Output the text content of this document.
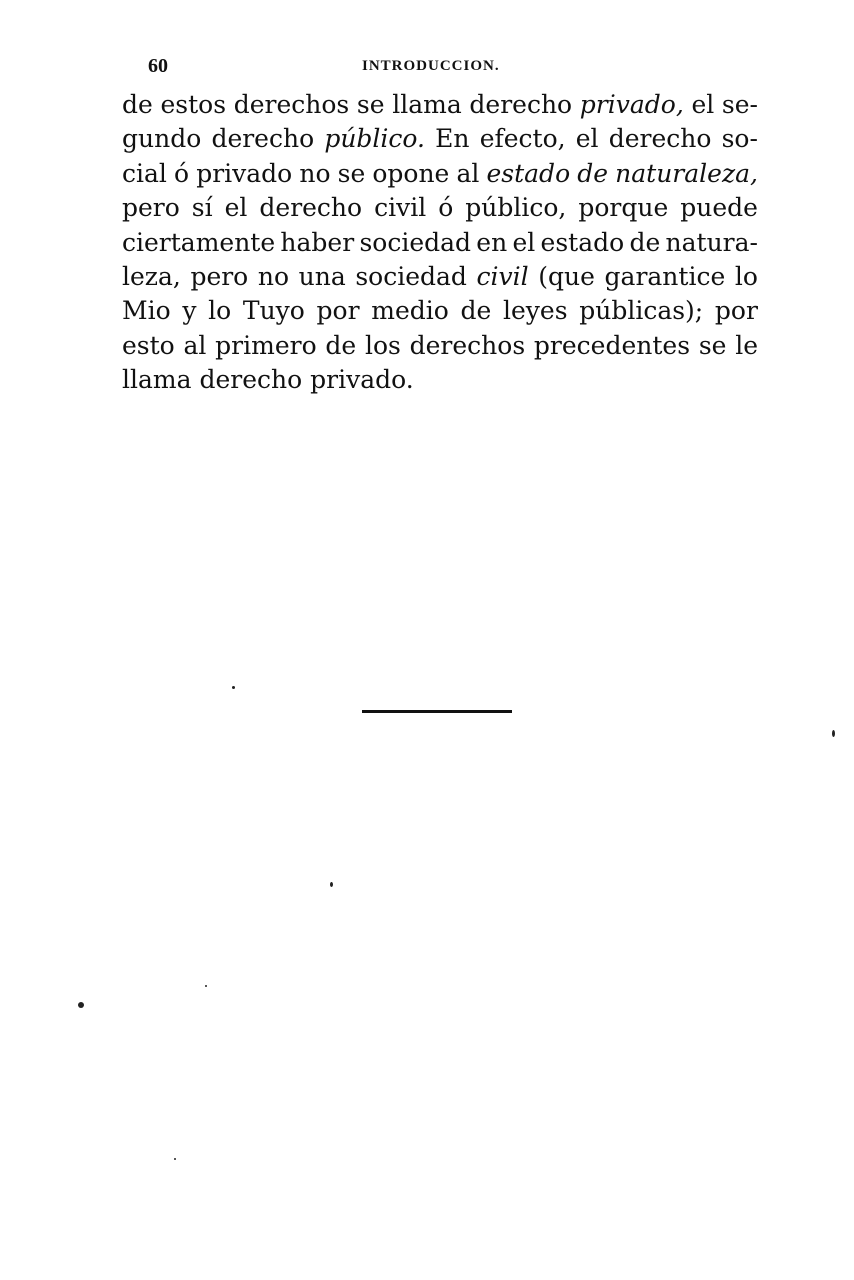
60	INTRODUCCION.
de estos derechos se llama derecho privado, el se-
gundo derecho público. En efecto, el derecho so-
cial ó privado no se opone al estado de naturaleza,
pero sí el derecho civil ó público, porque puede
ciertamente haber sociedad en el estado de natura-
leza, pero no una sociedad civil (que garantice lo
Mio y lo Tuyo por medio de leyes públicas); por
esto al primero de los derechos precedentes se le
llama
derecho
privado.
